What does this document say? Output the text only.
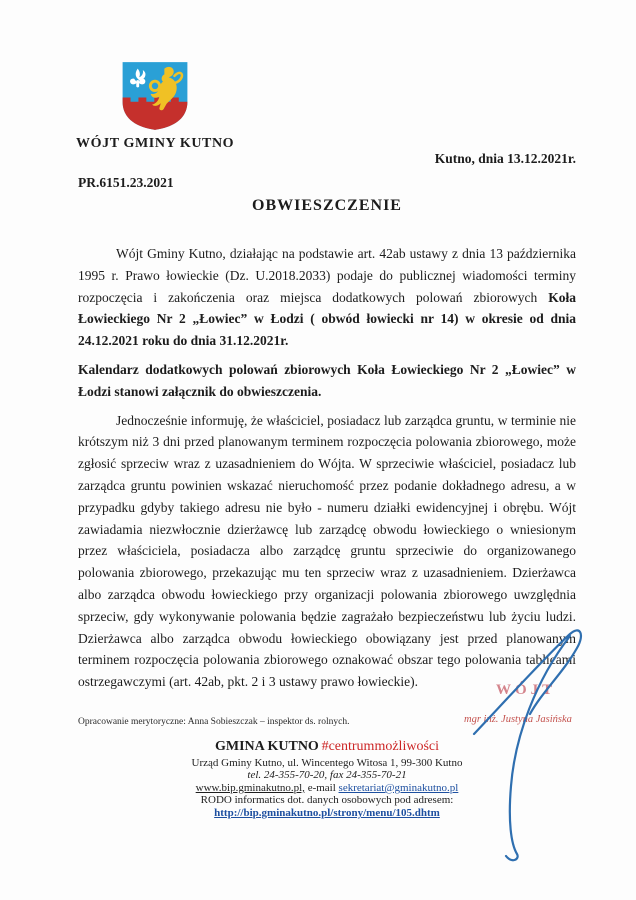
WÓJT GMINY KUTNO
Kutno, dnia 13.12.2021r.
PR.6151.23.2021
OBWIESZCZENIE

Wójt Gminy Kutno, działając na podstawie art. 42ab ustawy z dnia 13 października 1995 r. Prawo łowieckie (Dz. U.2018.2033) podaje do publicznej wiadomości terminy rozpoczęcia i zakończenia oraz miejsca dodatkowych polowań zbiorowych Koła Łowieckiego Nr 2 „Łowiec” w Łodzi ( obwód łowiecki nr 14) w okresie od dnia 24.12.2021 roku do dnia 31.12.2021r.

Kalendarz dodatkowych polowań zbiorowych Koła Łowieckiego Nr 2 „Łowiec” w Łodzi stanowi załącznik do obwieszczenia.

Jednocześnie informuję, że właściciel, posiadacz lub zarządca gruntu, w terminie nie krótszym niż 3 dni przed planowanym terminem rozpoczęcia polowania zbiorowego, może zgłosić sprzeciw wraz z uzasadnieniem do Wójta. W sprzeciwie właściciel, posiadacz lub zarządca gruntu powinien wskazać nieruchomość przez podanie dokładnego adresu, a w przypadku gdyby takiego adresu nie było - numeru działki ewidencyjnej i obrębu. Wójt zawiadamia niezwłocznie dzierżawcę lub zarządcę obwodu łowieckiego o wniesionym przez właściciela, posiadacza albo zarządcę gruntu sprzeciwie do organizowanego polowania zbiorowego, przekazując mu ten sprzeciw wraz z uzasadnieniem. Dzierżawca albo zarządca obwodu łowieckiego przy organizacji polowania zbiorowego uwzględnia sprzeciw, gdy wykonywanie polowania będzie zagrażało bezpieczeństwu lub życiu ludzi. Dzierżawca albo zarządca obwodu łowieckiego obowiązany jest przed planowanym terminem rozpoczęcia polowania zbiorowego oznakować obszar tego polowania tablicami ostrzegawczymi (art. 42ab, pkt. 2 i 3 ustawy prawo łowieckie).

WÓJT
mgr inż. Justyna Jasińska
Opracowanie merytoryczne: Anna Sobieszczak – inspektor ds. rolnych.
GMINA KUTNO #centrummożliwości
Urząd Gminy Kutno, ul. Wincentego Witosa 1, 99-300 Kutno
tel. 24-355-70-20, fax 24-355-70-21
www.bip.gminakutno.pl, e-mail sekretariat@gminakutno.pl
RODO informatics dot. danych osobowych pod adresem:
http://bip.gminakutno.pl/strony/menu/105.dhtm
